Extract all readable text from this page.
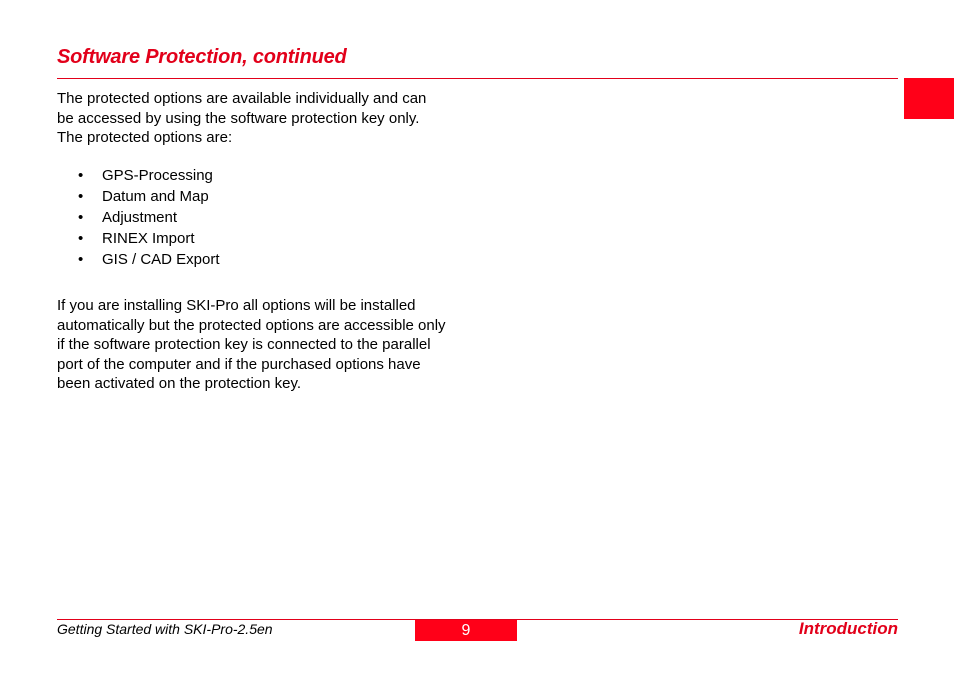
Software Protection, continued

The protected options are available individually and can

be accessed by using the software protection key only.

The protected options are:

• GPS-Processing
• Datum and Map
• Adjustment
• RINEX Import
• GIS / CAD Export

If you are installing SKI-Pro all options will be installed

automatically but the protected options are accessible only

if the software protection key is connected to the parallel

port of the computer and if the purchased options have

been activated on the protection key.

Getting Started with SKI-Pro-2.5en	9	Introduction
